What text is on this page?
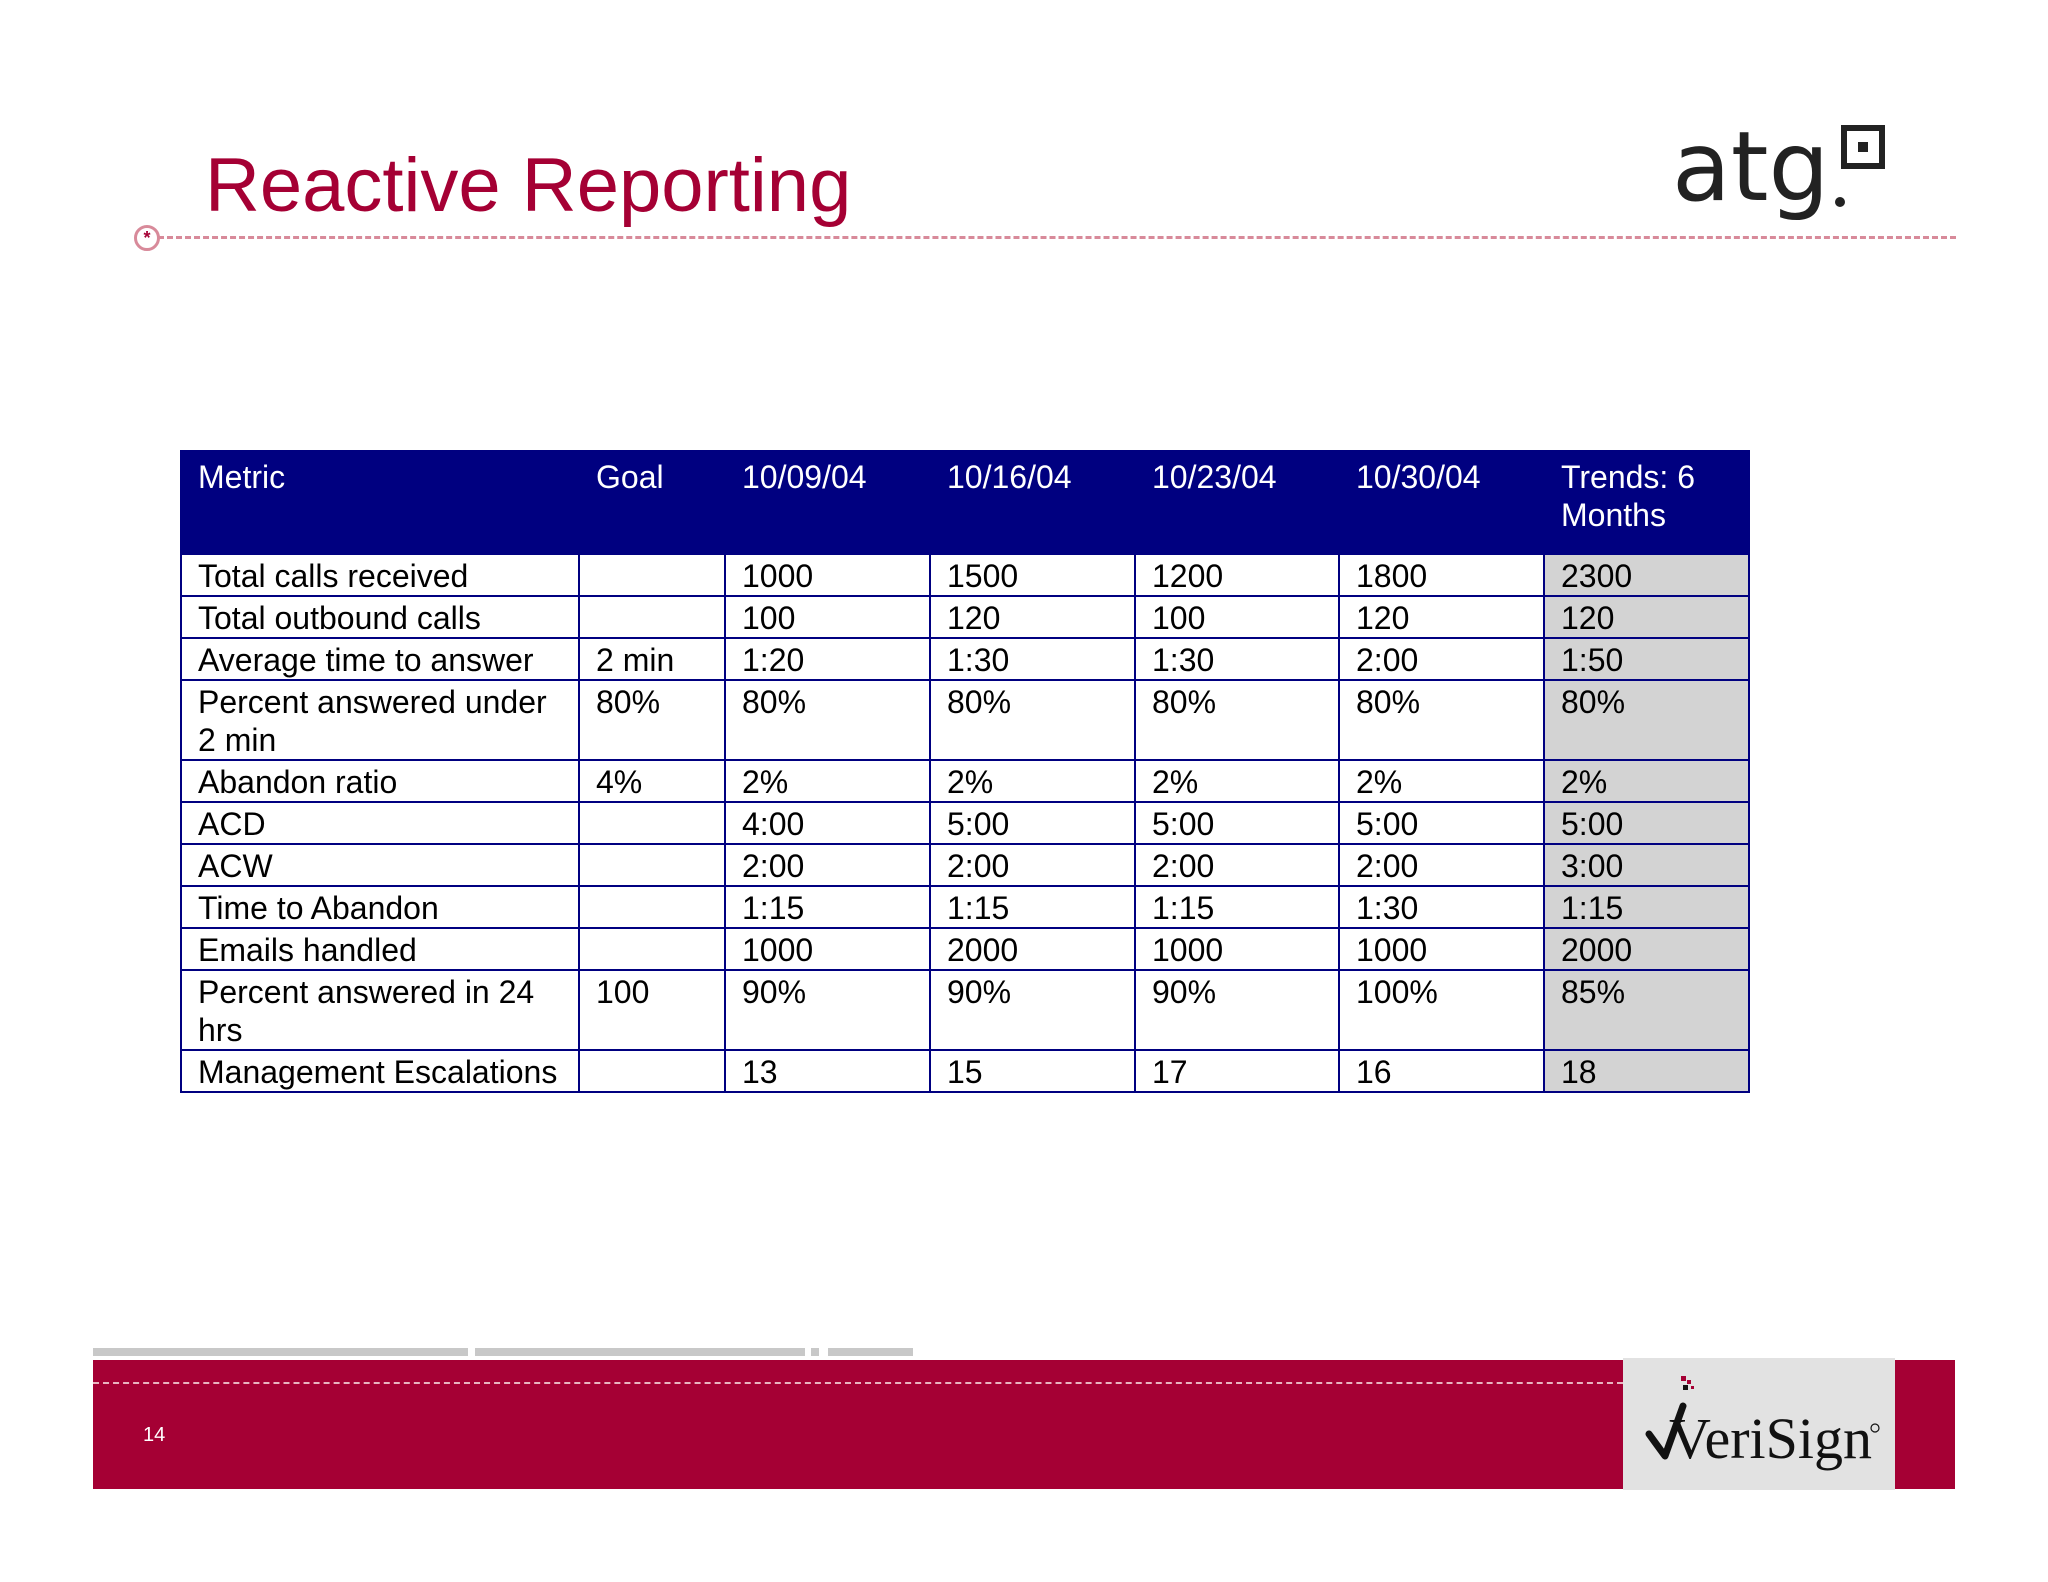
Reactive Reporting	atg
*
Metric	Goal	10/09/04	10/16/04	10/23/04	10/30/04	Trends: 6 Months
Total calls received		1000	1500	1200	1800	2300
Total outbound calls		100	120	100	120	120
Average time to answer	2 min	1:20	1:30	1:30	2:00	1:50
Percent answered under 2 min	80%	80%	80%	80%	80%	80%
Abandon ratio	4%	2%	2%	2%	2%	2%
ACD		4:00	5:00	5:00	5:00	5:00
ACW		2:00	2:00	2:00	2:00	3:00
Time to Abandon		1:15	1:15	1:15	1:30	1:15
Emails handled		1000	2000	1000	1000	2000
Percent answered in 24 hrs	100	90%	90%	90%	100%	85%
Management Escalations		13	15	17	16	18
14	VeriSign
